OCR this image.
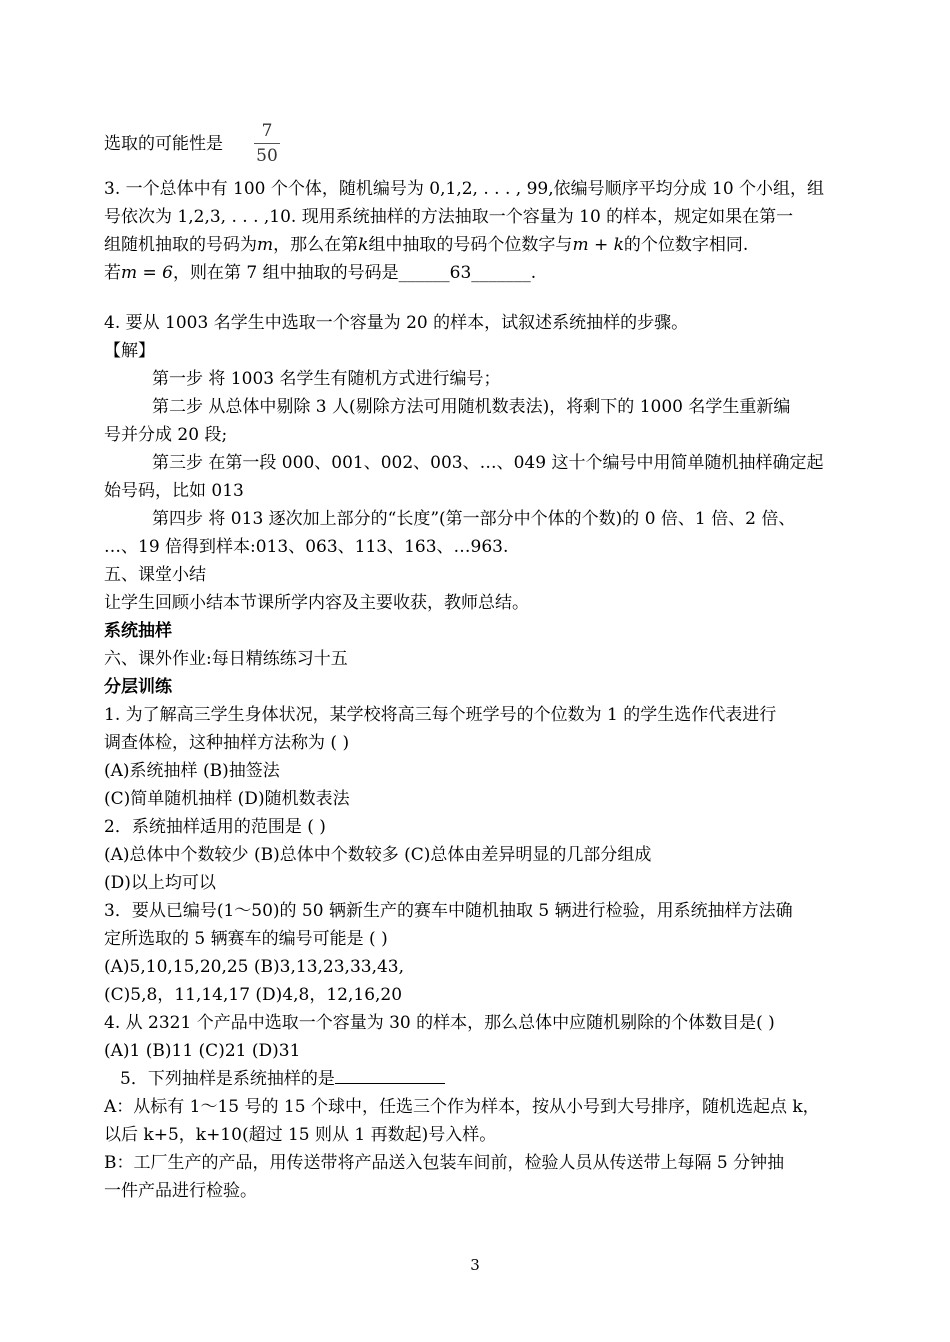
选取的可能性是
7
50
3. 一个总体中有 100 个个体，随机编号为 0,1,2, . . . , 99,依编号顺序平均分成 10 个小组，组
号依次为 1,2,3, . . . ,10. 现用系统抽样的方法抽取一个容量为 10 的样本，规定如果在第一
组随机抽取的号码为m，那么在第k组中抽取的号码个位数字与m + k的个位数字相同.
若m = 6，则在第 7 组中抽取的号码是______63_______.
4. 要从 1003 名学生中选取一个容量为 20 的样本，试叙述系统抽样的步骤。
【解】
第一步 将 1003 名学生有随机方式进行编号；
第二步 从总体中剔除 3 人(剔除方法可用随机数表法)，将剩下的 1000 名学生重新编
号并分成 20 段;
第三步 在第一段 000、001、002、003、…、049 这十个编号中用简单随机抽样确定起
始号码，比如 013
第四步 将 013 逐次加上部分的“长度”(第一部分中个体的个数)的 0 倍、1 倍、2 倍、
…、19 倍得到样本:013、063、113、163、…963.
五、课堂小结
让学生回顾小结本节课所学内容及主要收获，教师总结。
系统抽样
六、课外作业:每日精练练习十五
分层训练
1. 为了解高三学生身体状况，某学校将高三每个班学号的个位数为 1 的学生选作代表进行
调查体检，这种抽样方法称为 ( )
(A)系统抽样 (B)抽签法
(C)简单随机抽样 (D)随机数表法
2．系统抽样适用的范围是 ( )
(A)总体中个数较少 (B)总体中个数较多 (C)总体由差异明显的几部分组成
(D)以上均可以
3．要从已编号(1～50)的 50 辆新生产的赛车中随机抽取 5 辆进行检验，用系统抽样方法确
定所选取的 5 辆赛车的编号可能是 ( )
(A)5,10,15,20,25 (B)3,13,23,33,43,
(C)5,8，11,14,17 (D)4,8，12,16,20
4. 从 2321 个产品中选取一个容量为 30 的样本，那么总体中应随机剔除的个体数目是( )
(A)1 (B)11 (C)21 (D)31
5．下列抽样是系统抽样的是
A：从标有 1～15 号的 15 个球中，任选三个作为样本，按从小号到大号排序，随机选起点 k，
以后 k+5，k+10(超过 15 则从 1 再数起)号入样。
B：工厂生产的产品，用传送带将产品送入包装车间前，检验人员从传送带上每隔 5 分钟抽
一件产品进行检验。
3
